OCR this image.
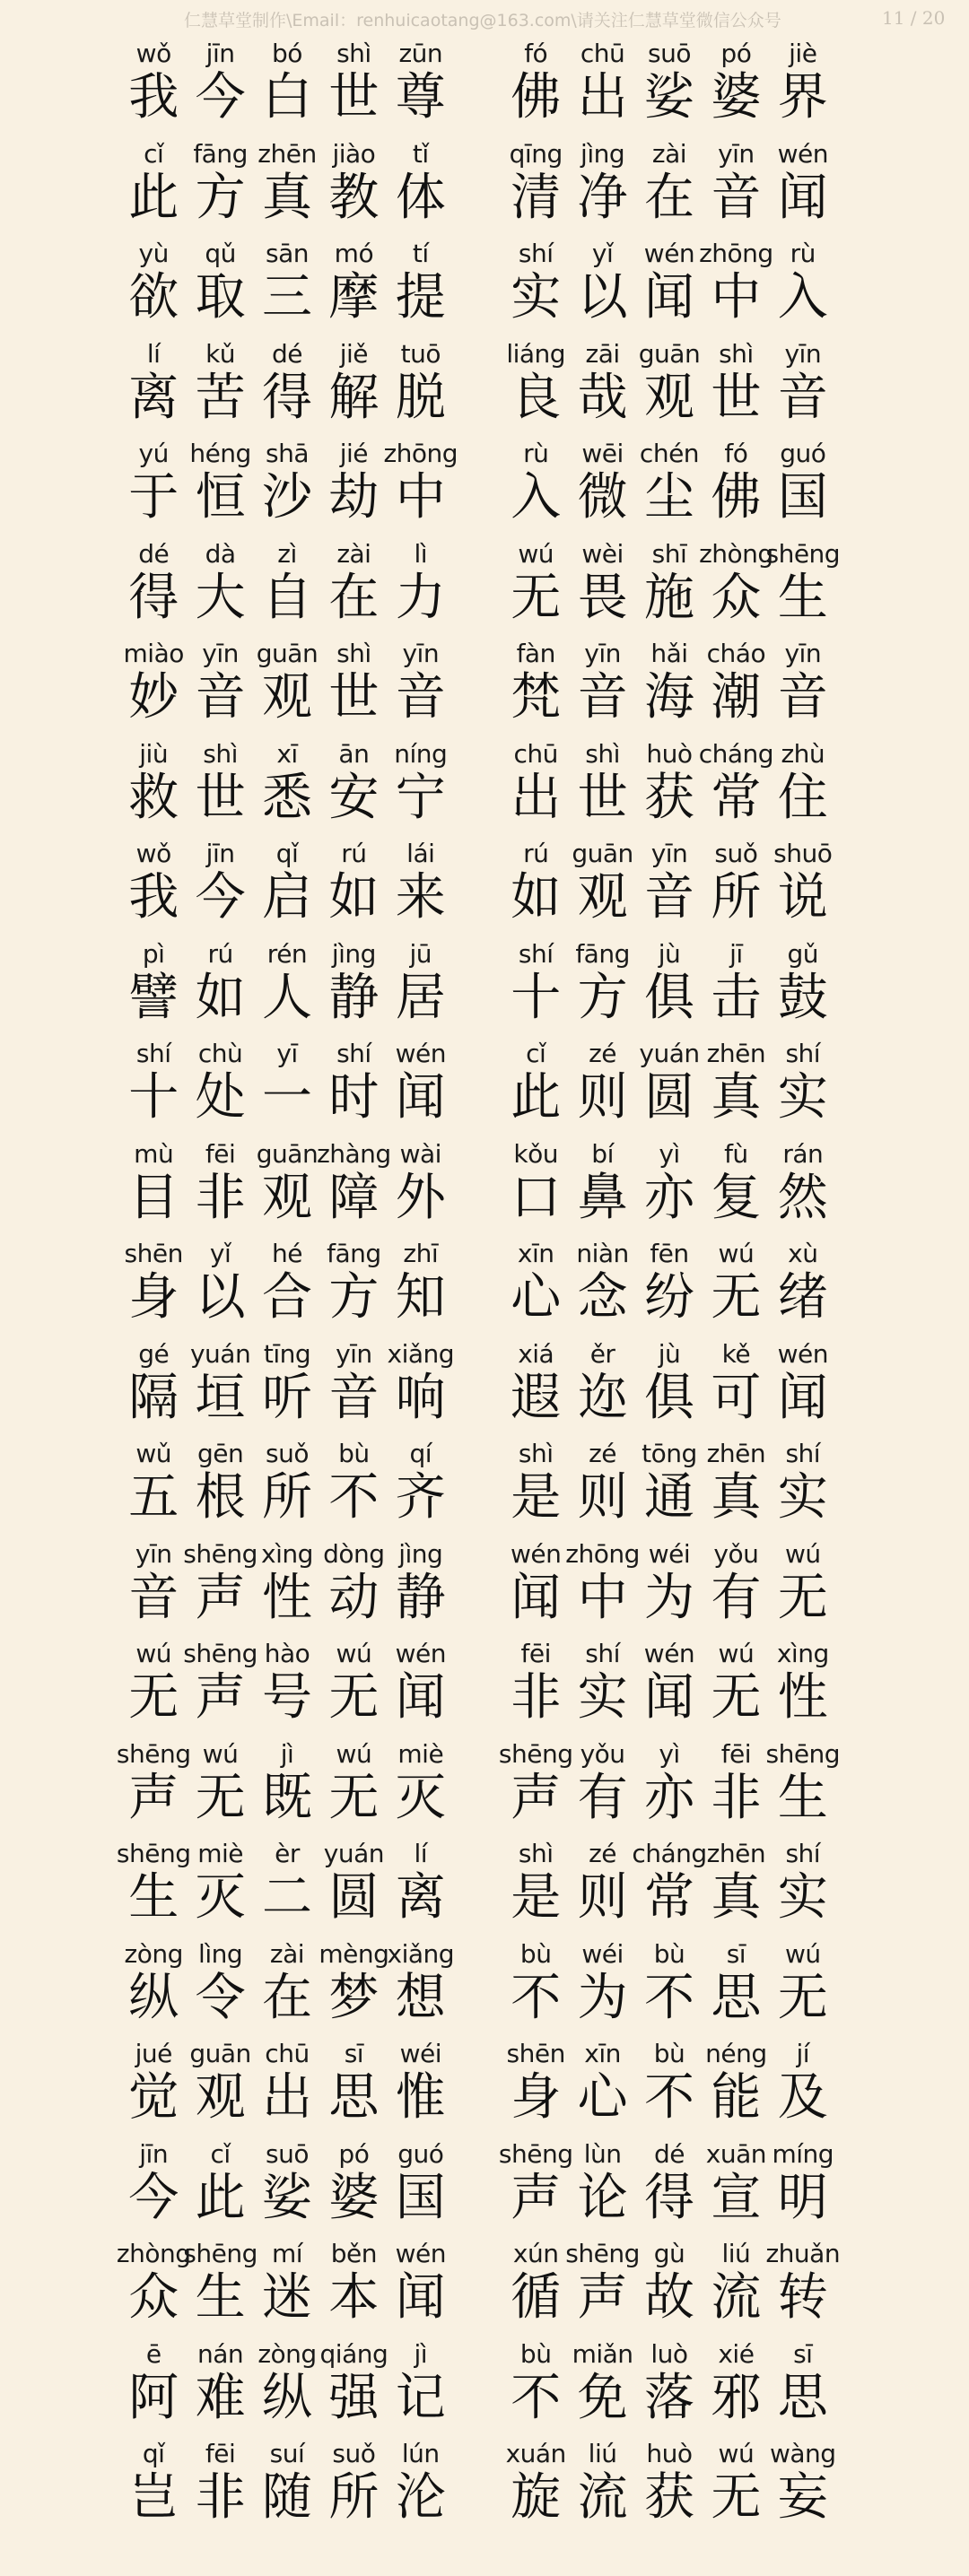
仁慧草堂制作\Email：renhuicaotang@163.com\请关注仁慧草堂微信公众号	11 / 20
wǒ
我
jīn
今
bó
白
shì
世
zūn
尊
fó
佛
chū
出
suō
娑
pó
婆
jiè
界
cǐ
此
fāng
方
zhēn
真
jiào
教
tǐ
体
qīng
清
jìng
净
zài
在
yīn
音
wén
闻
yù
欲
qǔ
取
sān
三
mó
摩
tí
提
shí
实
yǐ
以
wén
闻
zhōng
中
rù
入
lí
离
kǔ
苦
dé
得
jiě
解
tuō
脱
liáng
良
zāi
哉
guān
观
shì
世
yīn
音
yú
于
héng
恒
shā
沙
jié
劫
zhōng
中
rù
入
wēi
微
chén
尘
fó
佛
guó
国
dé
得
dà
大
zì
自
zài
在
lì
力
wú
无
wèi
畏
shī
施
zhòng
众
shēng
生
miào
妙
yīn
音
guān
观
shì
世
yīn
音
fàn
梵
yīn
音
hǎi
海
cháo
潮
yīn
音
jiù
救
shì
世
xī
悉
ān
安
níng
宁
chū
出
shì
世
huò
获
cháng
常
zhù
住
wǒ
我
jīn
今
qǐ
启
rú
如
lái
来
rú
如
guān
观
yīn
音
suǒ
所
shuō
说
pì
譬
rú
如
rén
人
jìng
静
jū
居
shí
十
fāng
方
jù
俱
jī
击
gǔ
鼓
shí
十
chù
处
yī
一
shí
时
wén
闻
cǐ
此
zé
则
yuán
圆
zhēn
真
shí
实
mù
目
fēi
非
guān
观
zhàng
障
wài
外
kǒu
口
bí
鼻
yì
亦
fù
复
rán
然
shēn
身
yǐ
以
hé
合
fāng
方
zhī
知
xīn
心
niàn
念
fēn
纷
wú
无
xù
绪
gé
隔
yuán
垣
tīng
听
yīn
音
xiǎng
响
xiá
遐
ěr
迩
jù
俱
kě
可
wén
闻
wǔ
五
gēn
根
suǒ
所
bù
不
qí
齐
shì
是
zé
则
tōng
通
zhēn
真
shí
实
yīn
音
shēng
声
xìng
性
dòng
动
jìng
静
wén
闻
zhōng
中
wéi
为
yǒu
有
wú
无
wú
无
shēng
声
hào
号
wú
无
wén
闻
fēi
非
shí
实
wén
闻
wú
无
xìng
性
shēng
声
wú
无
jì
既
wú
无
miè
灭
shēng
声
yǒu
有
yì
亦
fēi
非
shēng
生
shēng
生
miè
灭
èr
二
yuán
圆
lí
离
shì
是
zé
则
cháng
常
zhēn
真
shí
实
zòng
纵
lìng
令
zài
在
mèng
梦
xiǎng
想
bù
不
wéi
为
bù
不
sī
思
wú
无
jué
觉
guān
观
chū
出
sī
思
wéi
惟
shēn
身
xīn
心
bù
不
néng
能
jí
及
jīn
今
cǐ
此
suō
娑
pó
婆
guó
国
shēng
声
lùn
论
dé
得
xuān
宣
míng
明
zhòng
众
shēng
生
mí
迷
běn
本
wén
闻
xún
循
shēng
声
gù
故
liú
流
zhuǎn
转
ē
阿
nán
难
zòng
纵
qiáng
强
jì
记
bù
不
miǎn
免
luò
落
xié
邪
sī
思
qǐ
岂
fēi
非
suí
随
suǒ
所
lún
沦
xuán
旋
liú
流
huò
获
wú
无
wàng
妄
